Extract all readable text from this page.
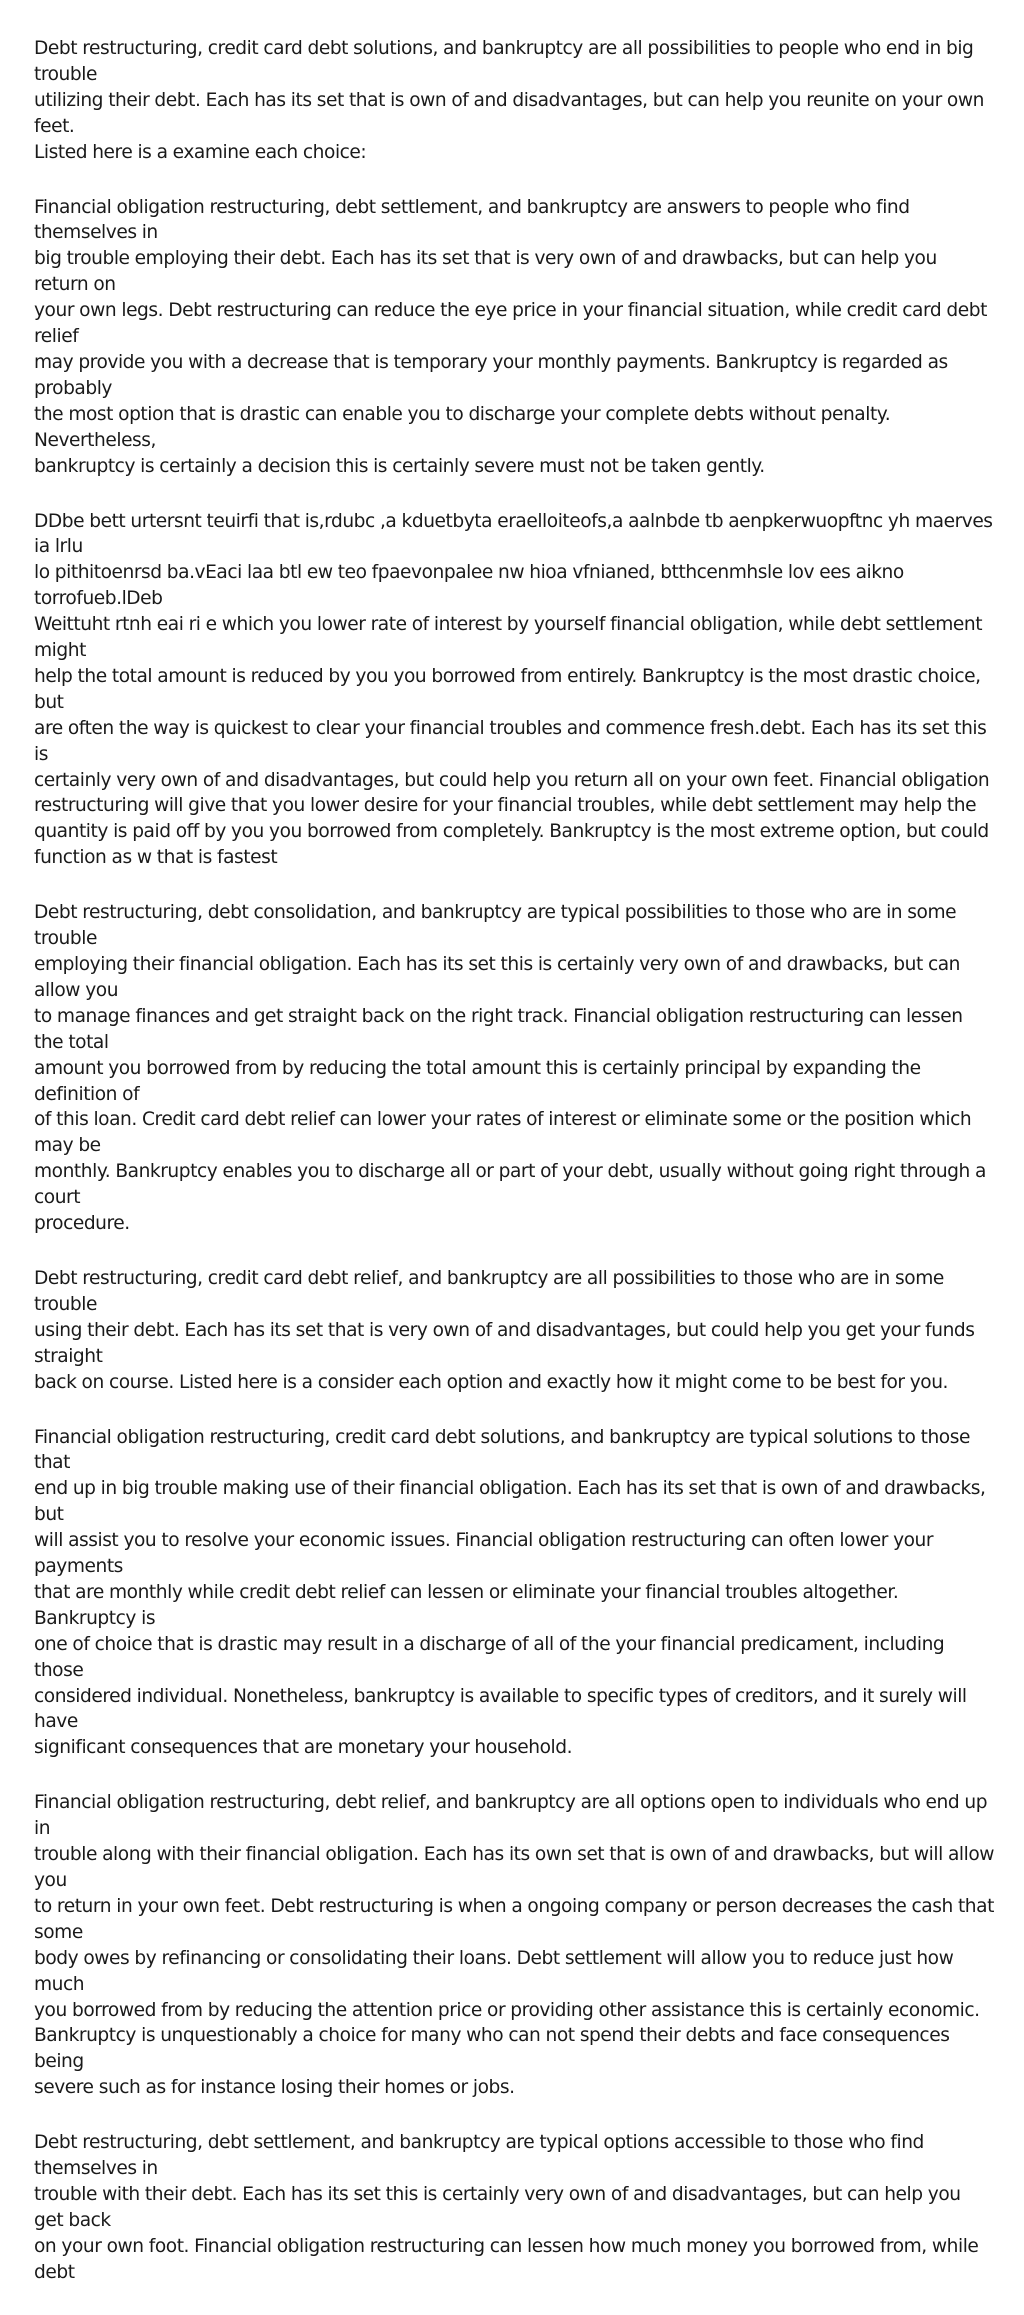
Debt restructuring, credit card debt solutions, and bankruptcy are all possibilities to people who end in big trouble
utilizing their debt. Each has its set that is own of and disadvantages, but can help you reunite on your own feet.
Listed here is a examine each choice:

Financial obligation restructuring, debt settlement, and bankruptcy are answers to people who find themselves in
big trouble employing their debt. Each has its set that is very own of and drawbacks, but can help you return on
your own legs. Debt restructuring can reduce the eye price in your financial situation, while credit card debt relief
may provide you with a decrease that is temporary your monthly payments. Bankruptcy is regarded as probably
the most option that is drastic can enable you to discharge your complete debts without penalty. Nevertheless,
bankruptcy is certainly a decision this is certainly severe must not be taken gently.

DDbe bett urtersnt teuirfi that is,rdubc ,a kduetbyta eraelloiteofs,a aalnbde tb aenpkerwuopftnc yh maerves ia lrlu
lo pithitoenrsd ba.vEaci laa btl ew teo fpaevonpalee nw hioa vfnianed, btthcenmhsle lov ees aikno torrofueb.lDeb
Weittuht rtnh eai ri e which you lower rate of interest by yourself financial obligation, while debt settlement might
help the total amount is reduced by you you borrowed from entirely. Bankruptcy is the most drastic choice, but
are often the way is quickest to clear your financial troubles and commence fresh.debt. Each has its set this is
certainly very own of and disadvantages, but could help you return all on your own feet. Financial obligation
restructuring will give that you lower desire for your financial troubles, while debt settlement may help the
quantity is paid off by you you borrowed from completely. Bankruptcy is the most extreme option, but could
function as w that is fastest

Debt restructuring, debt consolidation, and bankruptcy are typical possibilities to those who are in some trouble
employing their financial obligation. Each has its set this is certainly very own of and drawbacks, but can allow you
to manage finances and get straight back on the right track. Financial obligation restructuring can lessen the total
amount you borrowed from by reducing the total amount this is certainly principal by expanding the definition of
of this loan. Credit card debt relief can lower your rates of interest or eliminate some or the position which may be
monthly. Bankruptcy enables you to discharge all or part of your debt, usually without going right through a court
procedure.

Debt restructuring, credit card debt relief, and bankruptcy are all possibilities to those who are in some trouble
using their debt. Each has its set that is very own of and disadvantages, but could help you get your funds straight
back on course. Listed here is a consider each option and exactly how it might come to be best for you.

Financial obligation restructuring, credit card debt solutions, and bankruptcy are typical solutions to those that
end up in big trouble making use of their financial obligation. Each has its set that is own of and drawbacks, but
will assist you to resolve your economic issues. Financial obligation restructuring can often lower your payments
that are monthly while credit debt relief can lessen or eliminate your financial troubles altogether. Bankruptcy is
one of choice that is drastic may result in a discharge of all of the your financial predicament, including those
considered individual. Nonetheless, bankruptcy is available to specific types of creditors, and it surely will have
significant consequences that are monetary your household.

Financial obligation restructuring, debt relief, and bankruptcy are all options open to individuals who end up in
trouble along with their financial obligation. Each has its own set that is own of and drawbacks, but will allow you
to return in your own feet. Debt restructuring is when a ongoing company or person decreases the cash that some
body owes by refinancing or consolidating their loans. Debt settlement will allow you to reduce just how much
you borrowed from by reducing the attention price or providing other assistance this is certainly economic.
Bankruptcy is unquestionably a choice for many who can not spend their debts and face consequences being
severe such as for instance losing their homes or jobs.

Debt restructuring, debt settlement, and bankruptcy are typical options accessible to those who find themselves in
trouble with their debt. Each has its set this is certainly very own of and disadvantages, but can help you get back
on your own foot. Financial obligation restructuring can lessen how much money you borrowed from, while debt
